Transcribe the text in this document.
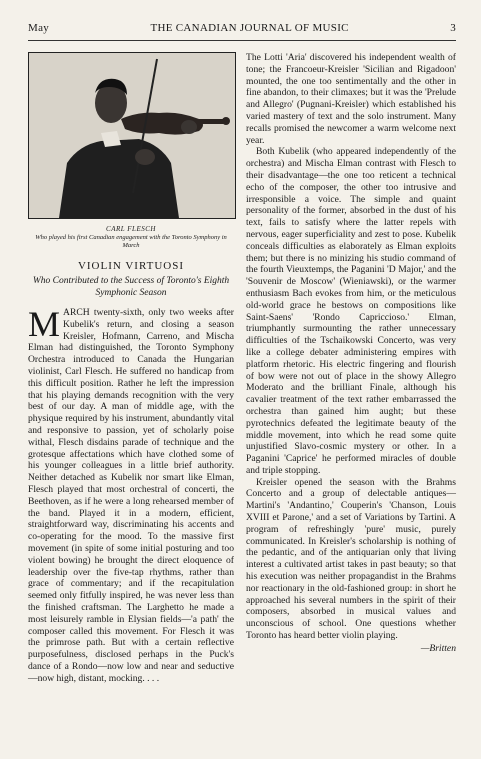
May	THE CANADIAN JOURNAL OF MUSIC	3
CARL FLESCH
Who played his first Canadian engagement with the Toronto Symphony in March
VIOLIN VIRTUOSI
Who Contributed to the Success of Toronto's Eighth Symphonic Season
MARCH twenty-sixth, only two weeks after Kubelik's return, and closing a season Kreisler, Hofmann, Carreno, and Mischa Elman had distinguished, the Toronto Symphony Orchestra introduced to Canada the Hungarian violinist, Carl Flesch. He suffered no handicap from this difficult position. Rather he left the impression that his playing demands recognition with the very best of our day. A man of middle age, with the physique required by his instrument, abundantly vital and responsive to passion, yet of scholarly poise withal, Flesch disdains parade of technique and the grotesque affectations which have clothed some of his younger colleagues in a little brief authority. Neither detached as Kubelik nor smart like Elman, Flesch played that most orchestral of concerti, the Beethoven, as if he were a long rehearsed member of the band. Played it in a modern, efficient, straightforward way, discriminating his accents and co-operating for the mood. To the massive first movement (in spite of some initial posturing and too violent bowing) he brought the direct eloquence of leadership over the five-tap rhythms, rather than grace of commentary; and if the recapitulation seemed only fitfully inspired, he was never less than the finished craftsman. The Larghetto he made a most leisurely ramble in Elysian fields—'a path' the composer called this movement. For Flesch it was the primrose path. But with a certain reflective purposefulness, disclosed perhaps in the Puck's dance of a Rondo—now low and near and seductive—now high, distant, mocking. . . .

The Lotti 'Aria' discovered his independent wealth of tone; the Francoeur-Kreisler 'Sicilian and Rigadoon' mounted, the one too sentimentally and the other in fine abandon, to their climaxes; but it was the 'Prelude and Allegro' (Pugnani-Kreisler) which established his varied mastery of text and the solo instrument. Many recalls promised the newcomer a warm welcome next year.

Both Kubelik (who appeared independently of the orchestra) and Mischa Elman contrast with Flesch to their disadvantage—the one too reticent a technical echo of the composer, the other too intrusive and irresponsible a voice. The simple and quaint personality of the former, absorbed in the dust of his text, fails to satisfy where the latter repels with nervous, eager superficiality and zest to pose. Kubelik conceals difficulties as elaborately as Elman exploits them; but there is no minizing his studio command of the fourth Vieuxtemps, the Paganini 'D Major,' and the 'Souvenir de Moscow' (Wieniawski), or the warmer enthusiasm Bach evokes from him, or the meticulous old-world grace he bestows on compositions like Saint-Saens' 'Rondo Capriccioso.' Elman, triumphantly surmounting the rather unnecessary difficulties of the Tschaikowski Concerto, was very like a college debater administering empires with platform rhetoric. His electric fingering and flourish of bow were not out of place in the showy Allegro Moderato and the brilliant Finale, although his cavalier treatment of the text rather embarrassed the orchestra than gained him aught; but these pyrotechnics defeated the legitimate beauty of the middle movement, into which he read some quite unjustified Slavo-cosmic mystery or other. In a Paganini 'Caprice' he performed miracles of double and triple stopping.

Kreisler opened the season with the Brahms Concerto and a group of delectable antiques—Martini's 'Andantino,' Couperin's 'Chanson, Louis XVIII et Parone,' and a set of Variations by Tartini. A program of refreshingly 'pure' music, purely communicated. In Kreisler's scholarship is nothing of the pedantic, and of the antiquarian only that living interest a cultivated artist takes in past beauty; so that his execution was neither propagandist in the Brahms nor reactionary in the old-fashioned group: in short he approached his several numbers in the spirit of their composers, absorbed in musical values and unconscious of school. One questions whether Toronto has heard better violin playing.

—Britten
